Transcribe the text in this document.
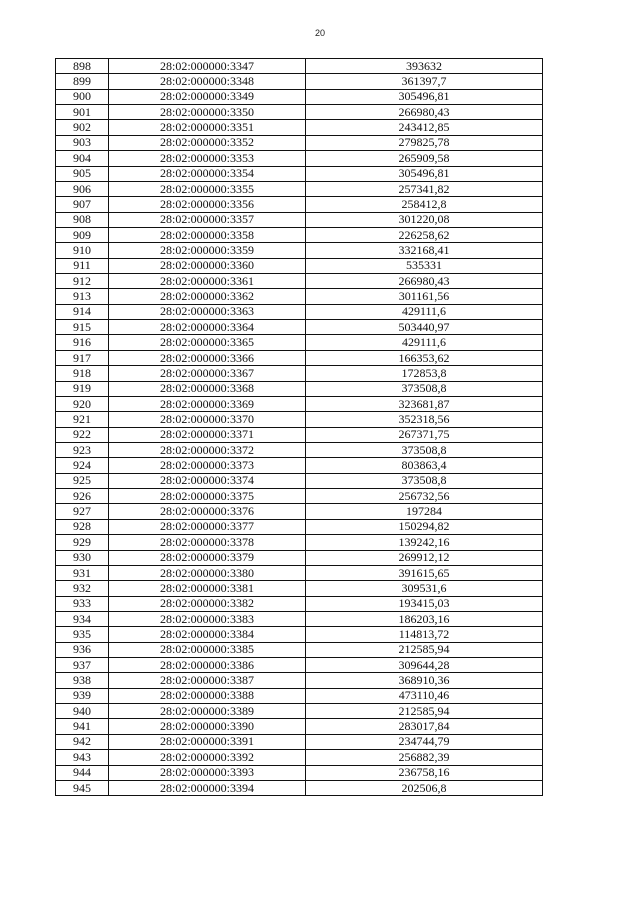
20
898	28:02:000000:3347	393632
899	28:02:000000:3348	361397,7
900	28:02:000000:3349	305496,81
901	28:02:000000:3350	266980,43
902	28:02:000000:3351	243412,85
903	28:02:000000:3352	279825,78
904	28:02:000000:3353	265909,58
905	28:02:000000:3354	305496,81
906	28:02:000000:3355	257341,82
907	28:02:000000:3356	258412,8
908	28:02:000000:3357	301220,08
909	28:02:000000:3358	226258,62
910	28:02:000000:3359	332168,41
911	28:02:000000:3360	535331
912	28:02:000000:3361	266980,43
913	28:02:000000:3362	301161,56
914	28:02:000000:3363	429111,6
915	28:02:000000:3364	503440,97
916	28:02:000000:3365	429111,6
917	28:02:000000:3366	166353,62
918	28:02:000000:3367	172853,8
919	28:02:000000:3368	373508,8
920	28:02:000000:3369	323681,87
921	28:02:000000:3370	352318,56
922	28:02:000000:3371	267371,75
923	28:02:000000:3372	373508,8
924	28:02:000000:3373	803863,4
925	28:02:000000:3374	373508,8
926	28:02:000000:3375	256732,56
927	28:02:000000:3376	197284
928	28:02:000000:3377	150294,82
929	28:02:000000:3378	139242,16
930	28:02:000000:3379	269912,12
931	28:02:000000:3380	391615,65
932	28:02:000000:3381	309531,6
933	28:02:000000:3382	193415,03
934	28:02:000000:3383	186203,16
935	28:02:000000:3384	114813,72
936	28:02:000000:3385	212585,94
937	28:02:000000:3386	309644,28
938	28:02:000000:3387	368910,36
939	28:02:000000:3388	473110,46
940	28:02:000000:3389	212585,94
941	28:02:000000:3390	283017,84
942	28:02:000000:3391	234744,79
943	28:02:000000:3392	256882,39
944	28:02:000000:3393	236758,16
945	28:02:000000:3394	202506,8
